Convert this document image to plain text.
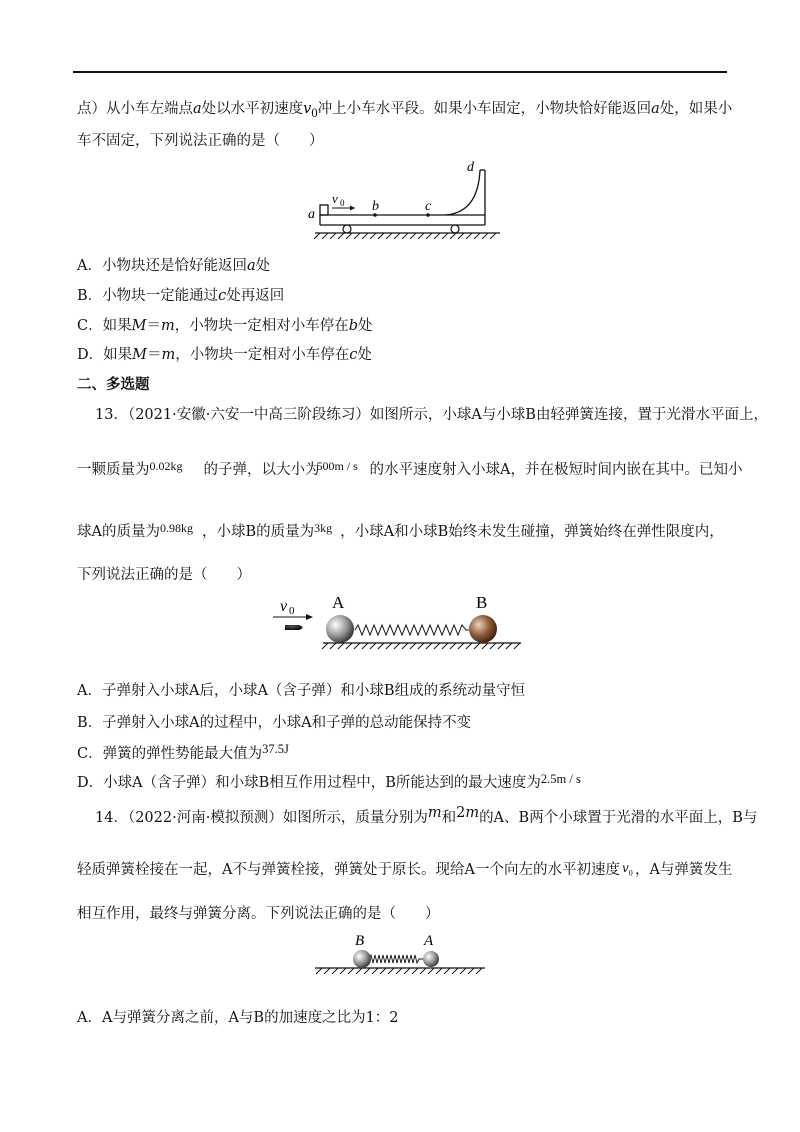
点）从小车左端点a处以水平初速度$v_0$冲上小车水平段。如果小车固定，小物块恰好能返回a处，如果小
车不固定，下列说法正确的是（　　）
v 0
a
b	c
d
A．小物块还是恰好能返回a处
B．小物块一定能通过c处再返回
C．如果M＝m，小物块一定相对小车停在b处
D．如果M＝m，小物块一定相对小车停在c处
二、多选题
13．（2021·安徽·六安一中高三阶段练习）如图所示，小球A与小球B由轻弹簧连接，置于光滑水平面上，
一颗质量为 0.02kg 的子弹，以大小为
500m / s 的水平速度射入小球A，并在极短时间内嵌在其中。已知小
球A的质量为 0.98kg ，小球B的质量为 3kg ，小球A和小球B始终未发生碰撞，弹簧始终在弹性限度内，
下列说法正确的是（　　）
v 0 A	B
A．子弹射入小球A后，小球A（含子弹）和小球B组成的系统动量守恒
B．子弹射入小球A的过程中，小球A和子弹的总动能保持不变
C．弹簧的弹性势能最大值为37.5J
D．小球A（含子弹）和小球B相互作用过程中，B所能达到的最大速度为2.5m / s
14．（2022·河南·模拟预测）如图所示，质量分别为m和2m的A、B两个小球置于光滑的水平面上，B与
轻质弹簧栓接在一起，A不与弹簧栓接，弹簧处于原长。现给A一个向左的水平初速度 $v_0$ ，A与弹簧发生
相互作用，最终与弹簧分离。下列说法正确的是（　　）
B	A
A．A与弹簧分离之前，A与B的加速度之比为1：2
